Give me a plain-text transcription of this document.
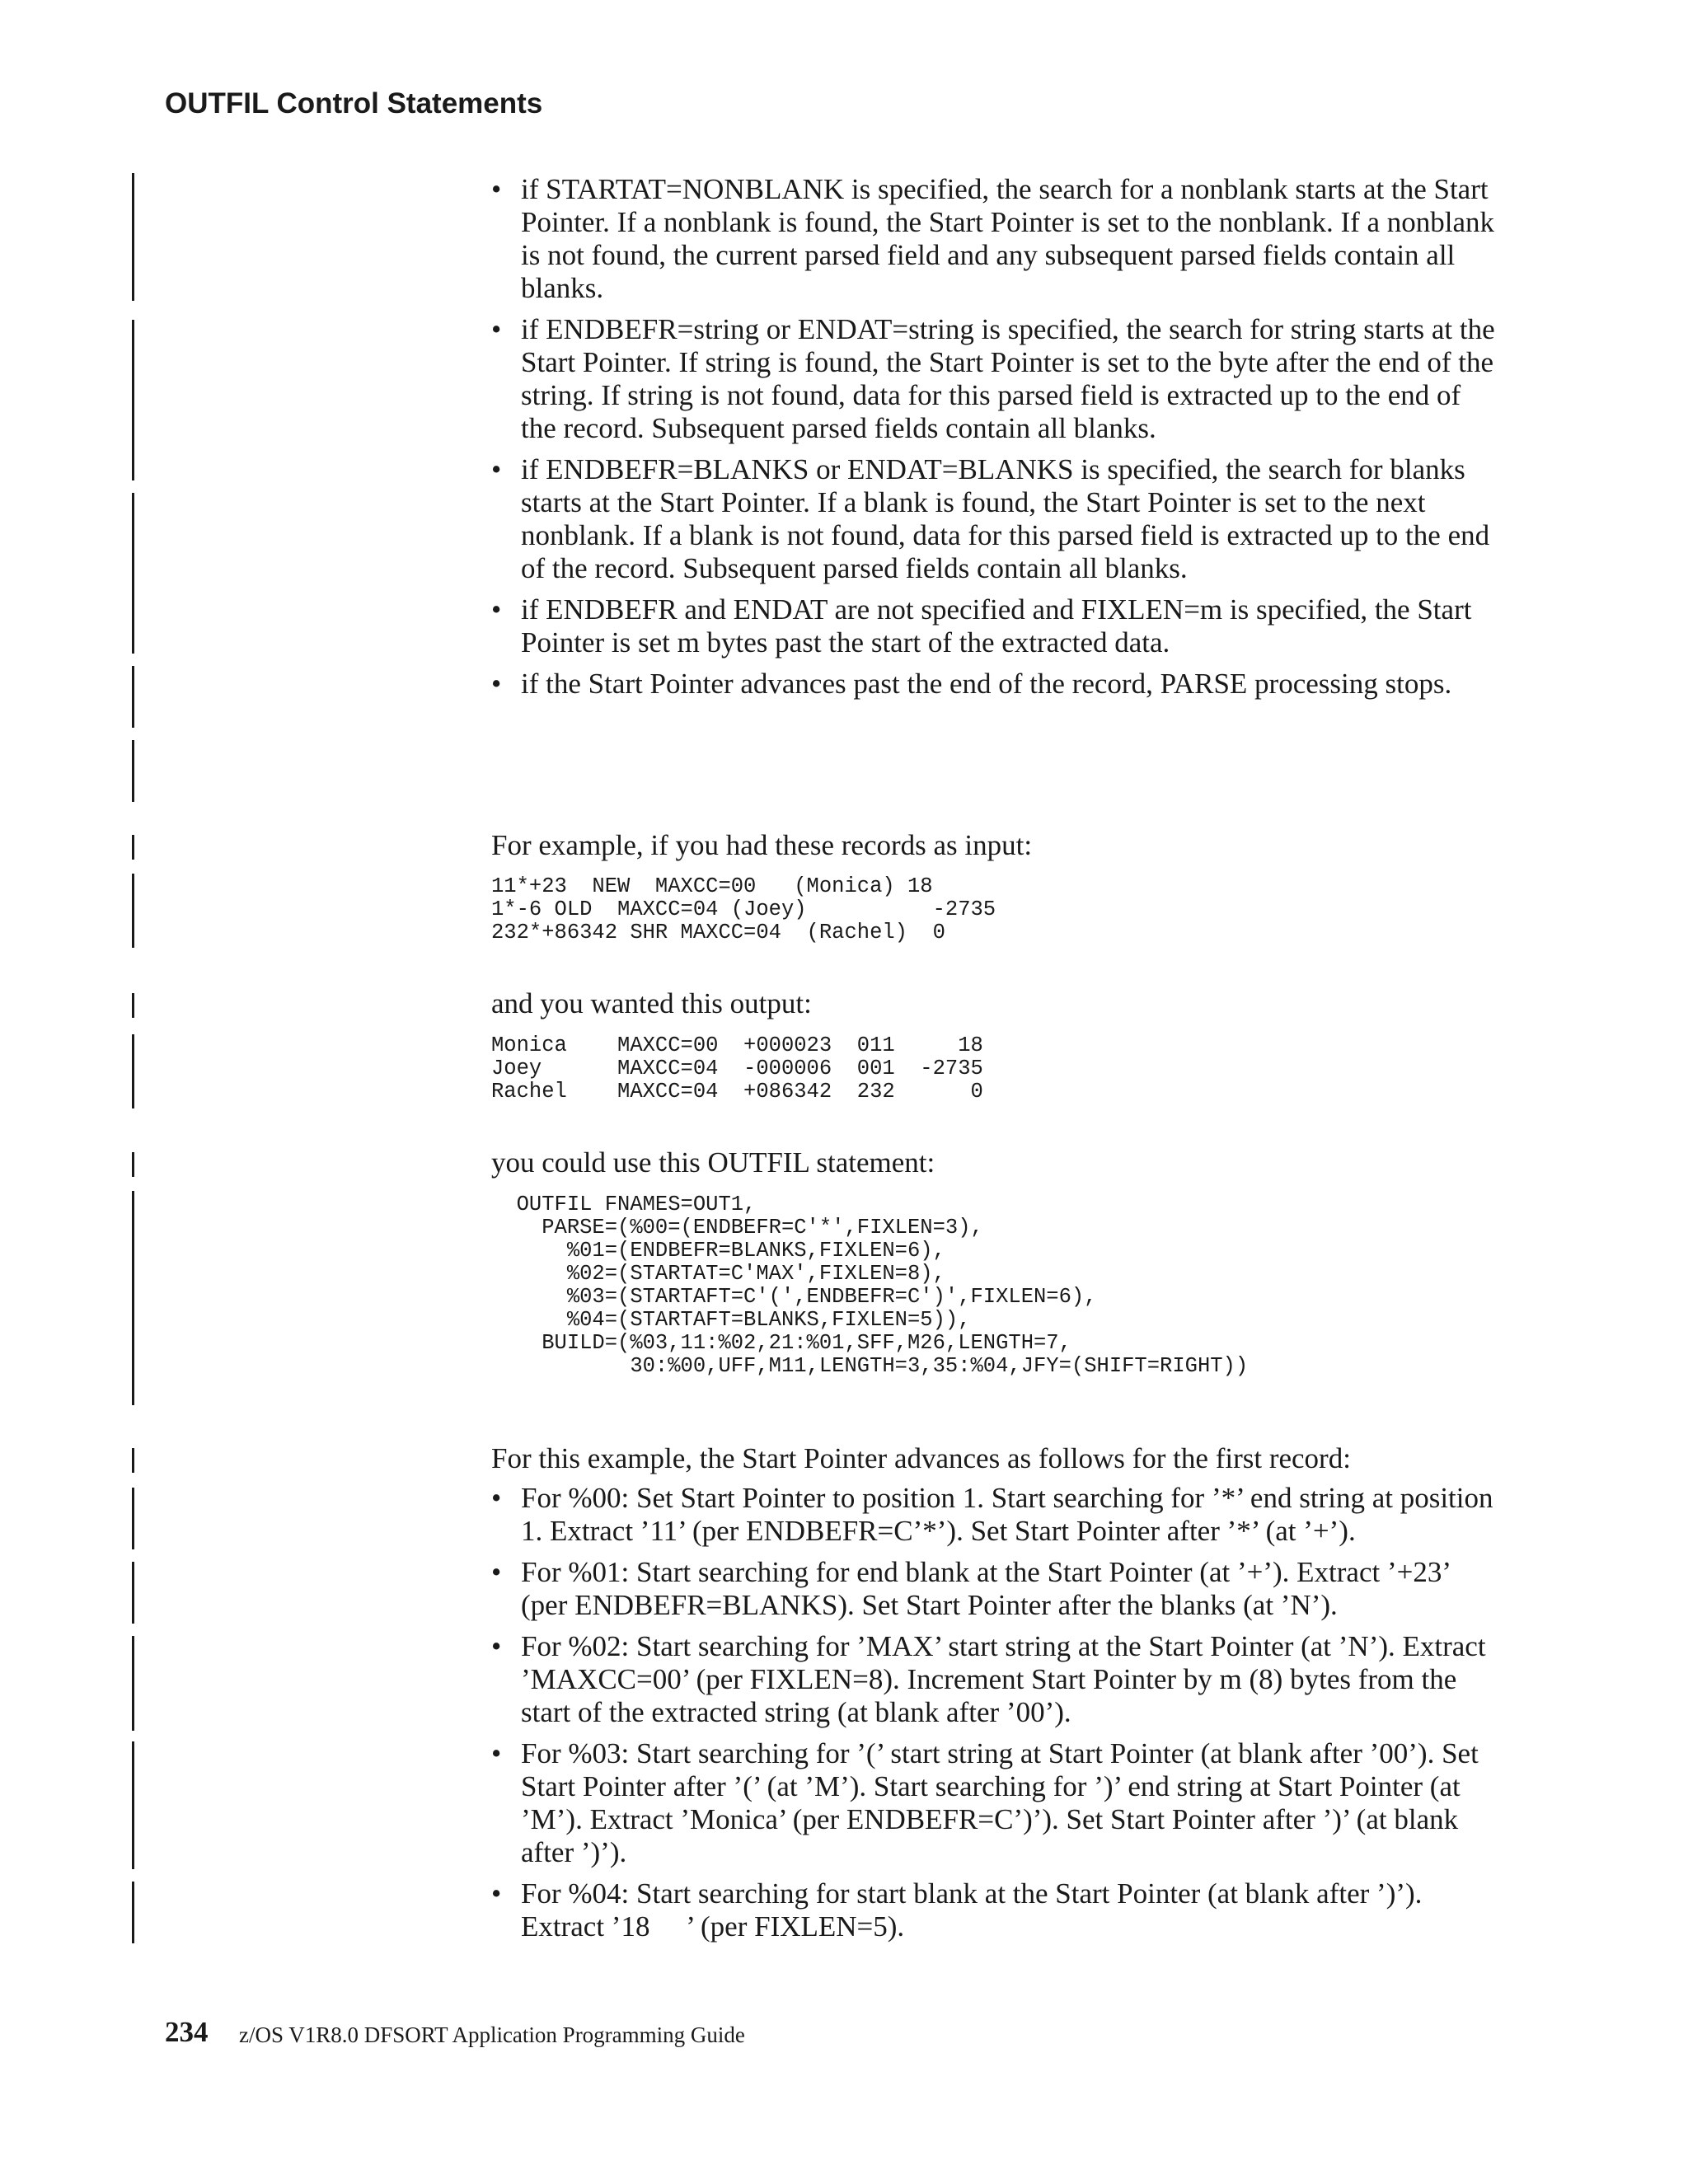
OUTFIL Control Statements
• if STARTAT=NONBLANK is specified, the search for a nonblank starts at the Start Pointer. If a nonblank is found, the Start Pointer is set to the nonblank. If a nonblank is not found, the current parsed field and any subsequent parsed fields contain all blanks.
• if ENDBEFR=string or ENDAT=string is specified, the search for string starts at the Start Pointer. If string is found, the Start Pointer is set to the byte after the end of the string. If string is not found, data for this parsed field is extracted up to the end of the record. Subsequent parsed fields contain all blanks.
• if ENDBEFR=BLANKS or ENDAT=BLANKS is specified, the search for blanks starts at the Start Pointer. If a blank is found, the Start Pointer is set to the next nonblank. If a blank is not found, data for this parsed field is extracted up to the end of the record. Subsequent parsed fields contain all blanks.
• if ENDBEFR and ENDAT are not specified and FIXLEN=m is specified, the Start Pointer is set m bytes past the start of the extracted data.
• if the Start Pointer advances past the end of the record, PARSE processing stops.

For example, if you had these records as input:

11*+23  NEW  MAXCC=00   (Monica) 18
1*-6 OLD  MAXCC=04 (Joey)          -2735
232*+86342 SHR MAXCC=04  (Rachel)  0

and you wanted this output:

Monica    MAXCC=00  +000023  011     18
Joey      MAXCC=04  -000006  001  -2735
Rachel    MAXCC=04  +086342  232      0

you could use this OUTFIL statement:

OUTFIL FNAMES=OUT1,
PARSE=(%00=(ENDBEFR=C'*',FIXLEN=3),
%01=(ENDBEFR=BLANKS,FIXLEN=6),
%02=(STARTAT=C'MAX',FIXLEN=8),
%03=(STARTAFT=C'(',ENDBEFR=C')',FIXLEN=6),
%04=(STARTAFT=BLANKS,FIXLEN=5)),
BUILD=(%03,11:%02,21:%01,SFF,M26,LENGTH=7,
30:%00,UFF,M11,LENGTH=3,35:%04,JFY=(SHIFT=RIGHT))

For this example, the Start Pointer advances as follows for the first record:

• For %00: Set Start Pointer to position 1. Start searching for ’*’ end string at position 1. Extract ’11’ (per ENDBEFR=C’*’). Set Start Pointer after ’*’ (at ’+’).
• For %01: Start searching for end blank at the Start Pointer (at ’+’). Extract ’+23’ (per ENDBEFR=BLANKS). Set Start Pointer after the blanks (at ’N’).
• For %02: Start searching for ’MAX’ start string at the Start Pointer (at ’N’). Extract ’MAXCC=00’ (per FIXLEN=8). Increment Start Pointer by m (8) bytes from the start of the extracted string (at blank after ’00’).
• For %03: Start searching for ’(’ start string at Start Pointer (at blank after ’00’). Set Start Pointer after ’(’ (at ’M’). Start searching for ’)’ end string at Start Pointer (at ’M’). Extract ’Monica’ (per ENDBEFR=C’)’). Set Start Pointer after ’)’ (at blank after ’)’).
• For %04: Start searching for start blank at the Start Pointer (at blank after ’)’). Extract ’18     ’ (per FIXLEN=5).
234 z/OS V1R8.0 DFSORT Application Programming Guide
